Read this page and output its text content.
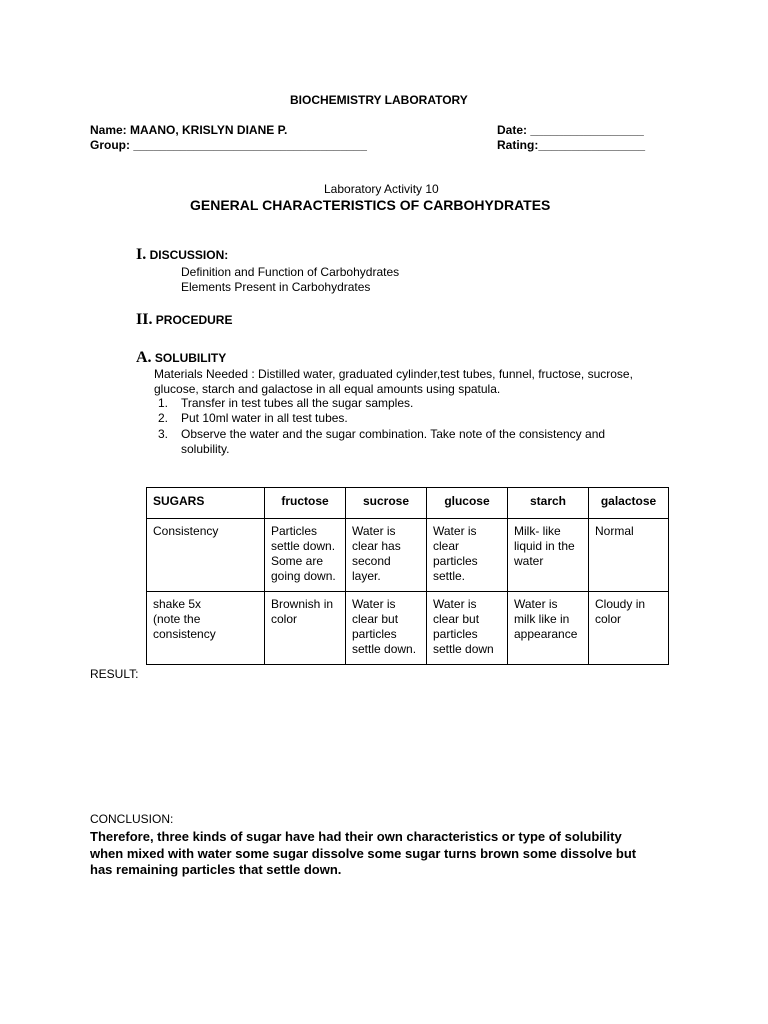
BIOCHEMISTRY LABORATORY
Name: MAANO, KRISLYN DIANE P.
Group: ___________________________________
Date: _________________
Rating:________________
Laboratory Activity 10
GENERAL CHARACTERISTICS OF CARBOHYDRATES
I. DISCUSSION:
Definition and Function of Carbohydrates
Elements Present in Carbohydrates
II. PROCEDURE
A. SOLUBILITY
Materials Needed : Distilled water, graduated cylinder,test tubes, funnel, fructose, sucrose,
glucose, starch and galactose in all equal amounts using spatula.
1. Transfer in test tubes all the sugar samples.
2. Put 10ml water in all test tubes.
3. Observe the water and the sugar combination. Take note of the consistency and
solubility.
SUGARS	fructose	sucrose	glucose	starch	galactose
Consistency	Particles
settle down.
Some are
going down.	Water is
clear has
second
layer.	Water is
clear
particles
settle.	Milk- like
liquid in the
water	Normal
shake 5x
(note the
consistency	Brownish in
color	Water is
clear but
particles
settle down.	Water is
clear but
particles
settle down	Water is
milk like in
appearance	Cloudy in
color
RESULT:
CONCLUSION:
Therefore, three kinds of sugar have had their own characteristics or type of solubility
when mixed with water some sugar dissolve some sugar turns brown some dissolve but
has remaining particles that settle down.
